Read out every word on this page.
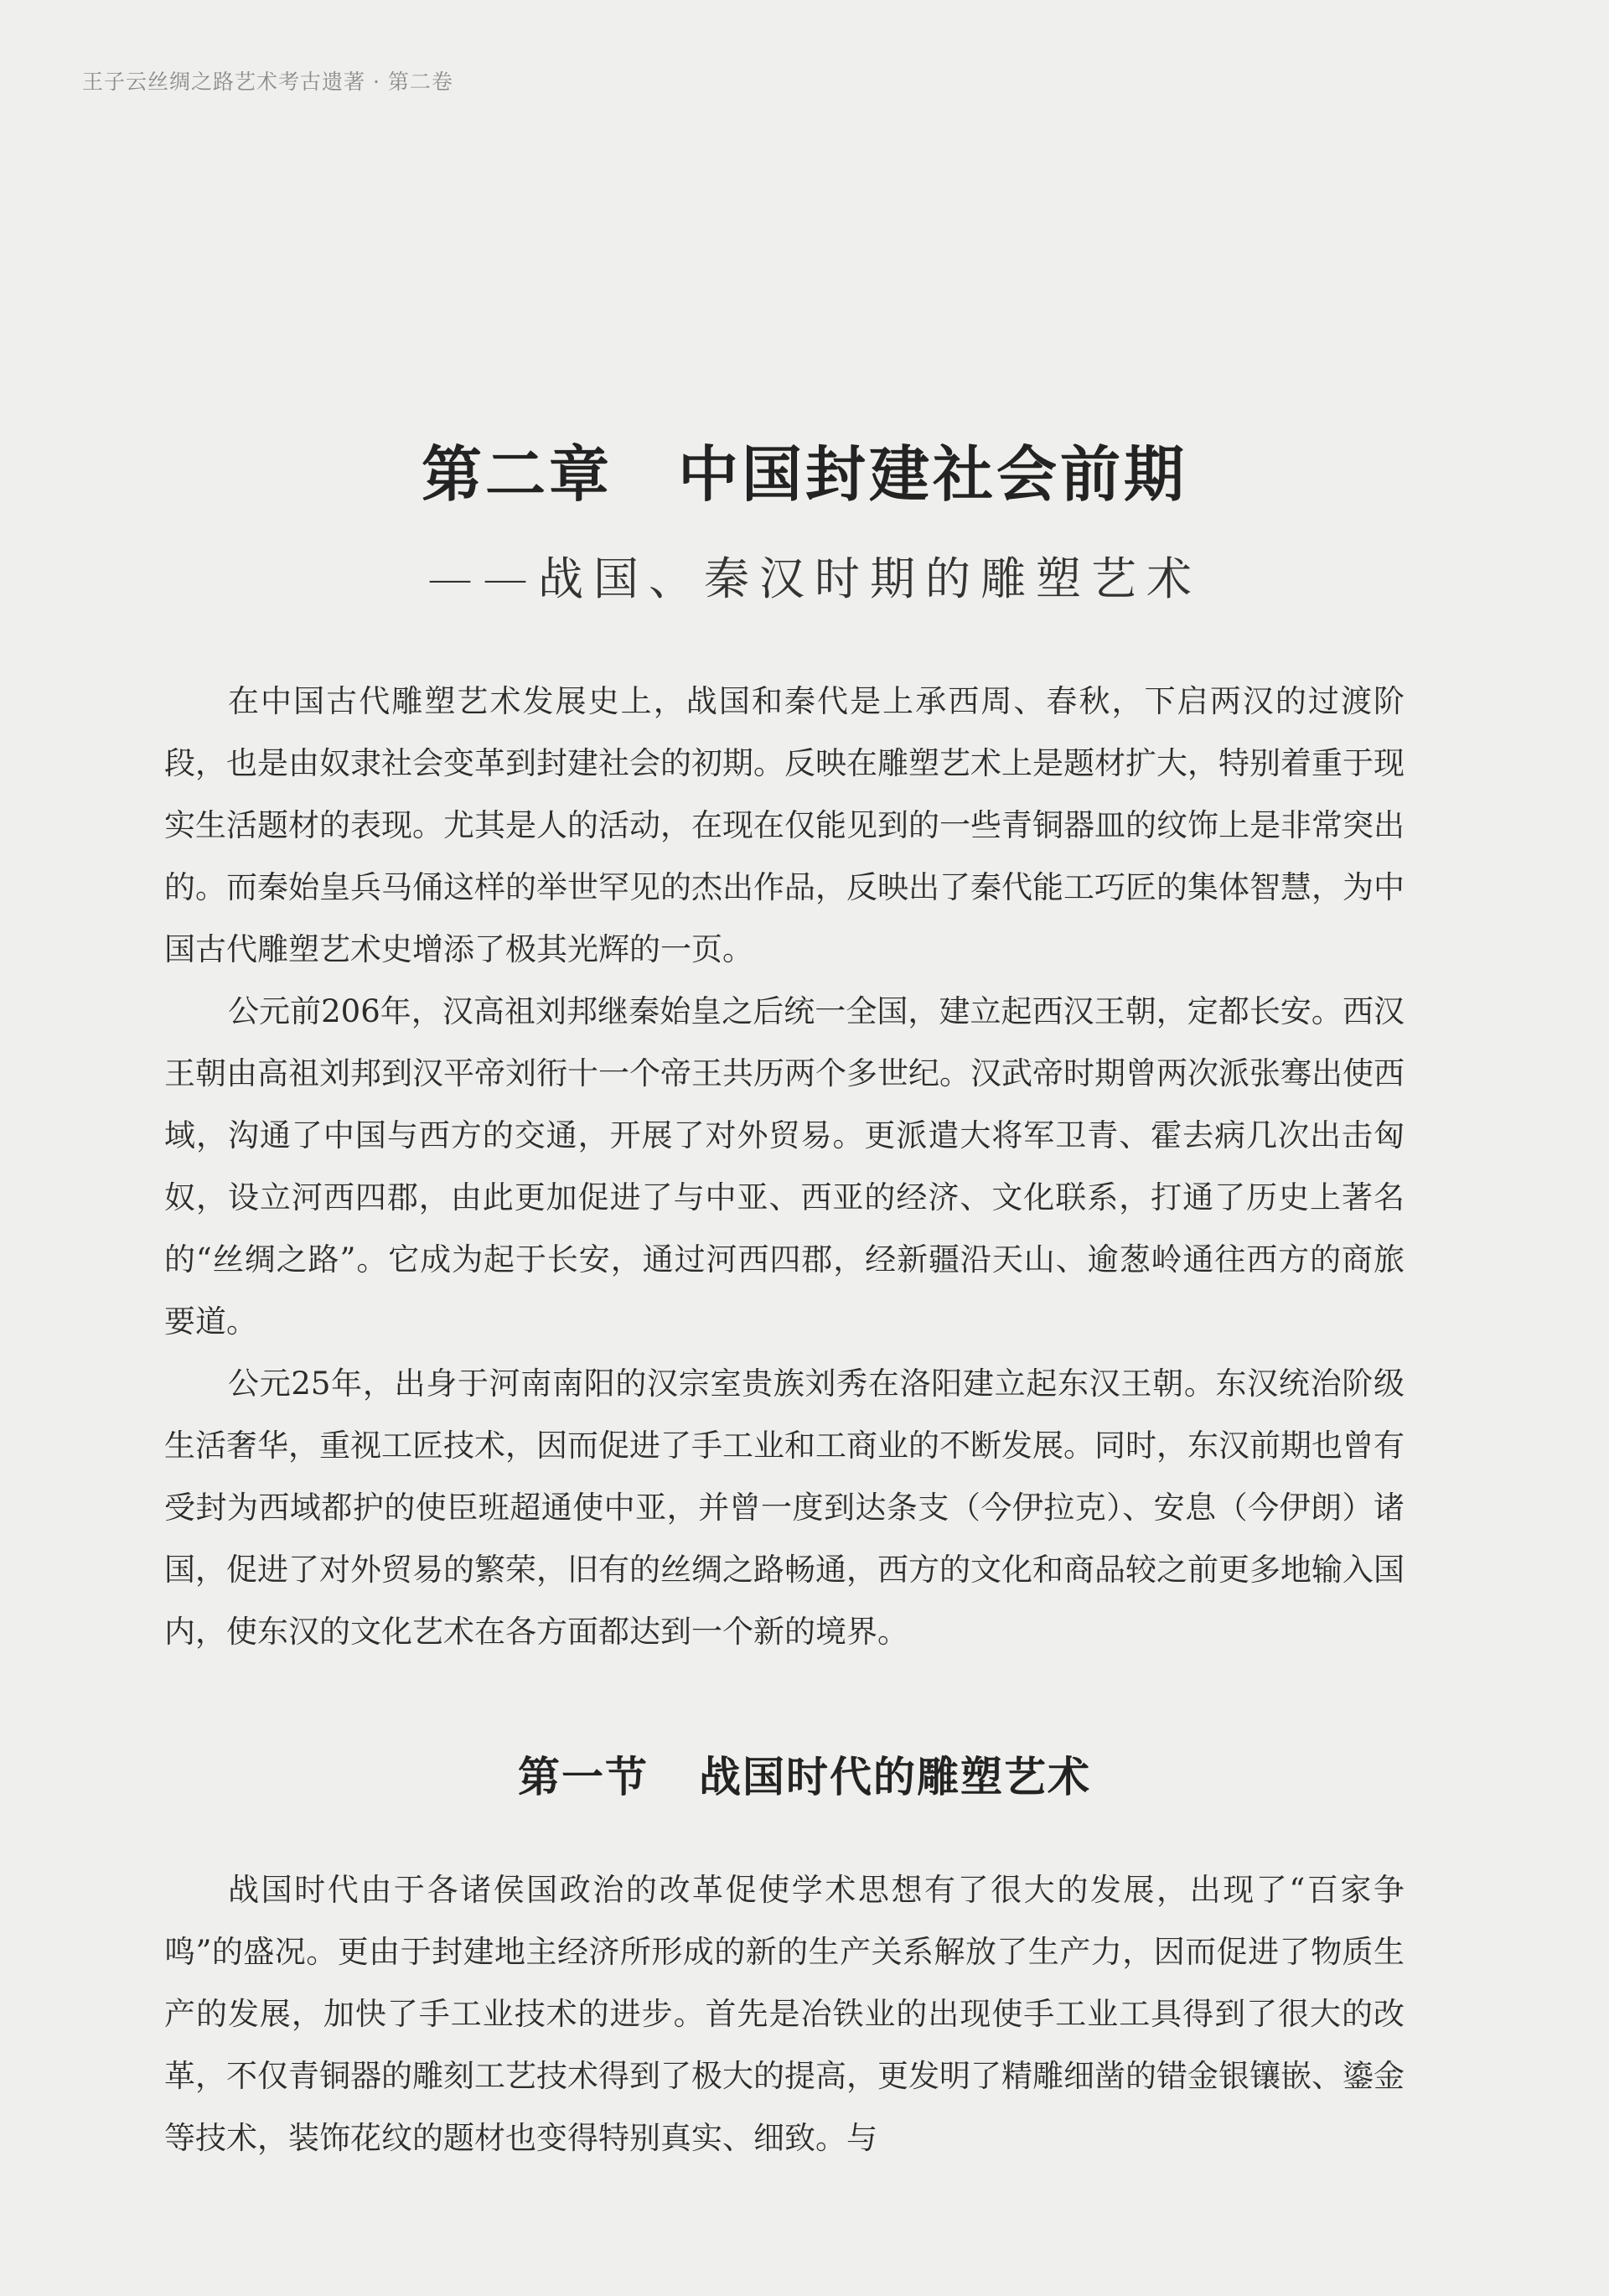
王子云丝绸之路艺术考古遗著 · 第二卷
第二章 中国封建社会前期
——战国、秦汉时期的雕塑艺术

在中国古代雕塑艺术发展史上，战国和秦代是上承西周、春秋，下启两汉的过渡阶段，也是由奴隶社会变革到封建社会的初期。反映在雕塑艺术上是题材扩大，特别着重于现实生活题材的表现。尤其是人的活动，在现在仅能见到的一些青铜器皿的纹饰上是非常突出的。而秦始皇兵马俑这样的举世罕见的杰出作品，反映出了秦代能工巧匠的集体智慧，为中国古代雕塑艺术史增添了极其光辉的一页。

公元前206年，汉高祖刘邦继秦始皇之后统一全国，建立起西汉王朝，定都长安。西汉王朝由高祖刘邦到汉平帝刘衎十一个帝王共历两个多世纪。汉武帝时期曾两次派张骞出使西域，沟通了中国与西方的交通，开展了对外贸易。更派遣大将军卫青、霍去病几次出击匈奴，设立河西四郡，由此更加促进了与中亚、西亚的经济、文化联系，打通了历史上著名的“丝绸之路”。它成为起于长安，通过河西四郡，经新疆沿天山、逾葱岭通往西方的商旅要道。

公元25年，出身于河南南阳的汉宗室贵族刘秀在洛阳建立起东汉王朝。东汉统治阶级生活奢华，重视工匠技术，因而促进了手工业和工商业的不断发展。同时，东汉前期也曾有受封为西域都护的使臣班超通使中亚，并曾一度到达条支（今伊拉克）、安息（今伊朗）诸国，促进了对外贸易的繁荣，旧有的丝绸之路畅通，西方的文化和商品较之前更多地输入国内，使东汉的文化艺术在各方面都达到一个新的境界。

第一节 战国时代的雕塑艺术

战国时代由于各诸侯国政治的改革促使学术思想有了很大的发展，出现了“百家争鸣”的盛况。更由于封建地主经济所形成的新的生产关系解放了生产力，因而促进了物质生产的发展，加快了手工业技术的进步。首先是冶铁业的出现使手工业工具得到了很大的改革，不仅青铜器的雕刻工艺技术得到了极大的提高，更发明了精雕细凿的错金银镶嵌、鎏金等技术，装饰花纹的题材也变得特别真实、细致。与
